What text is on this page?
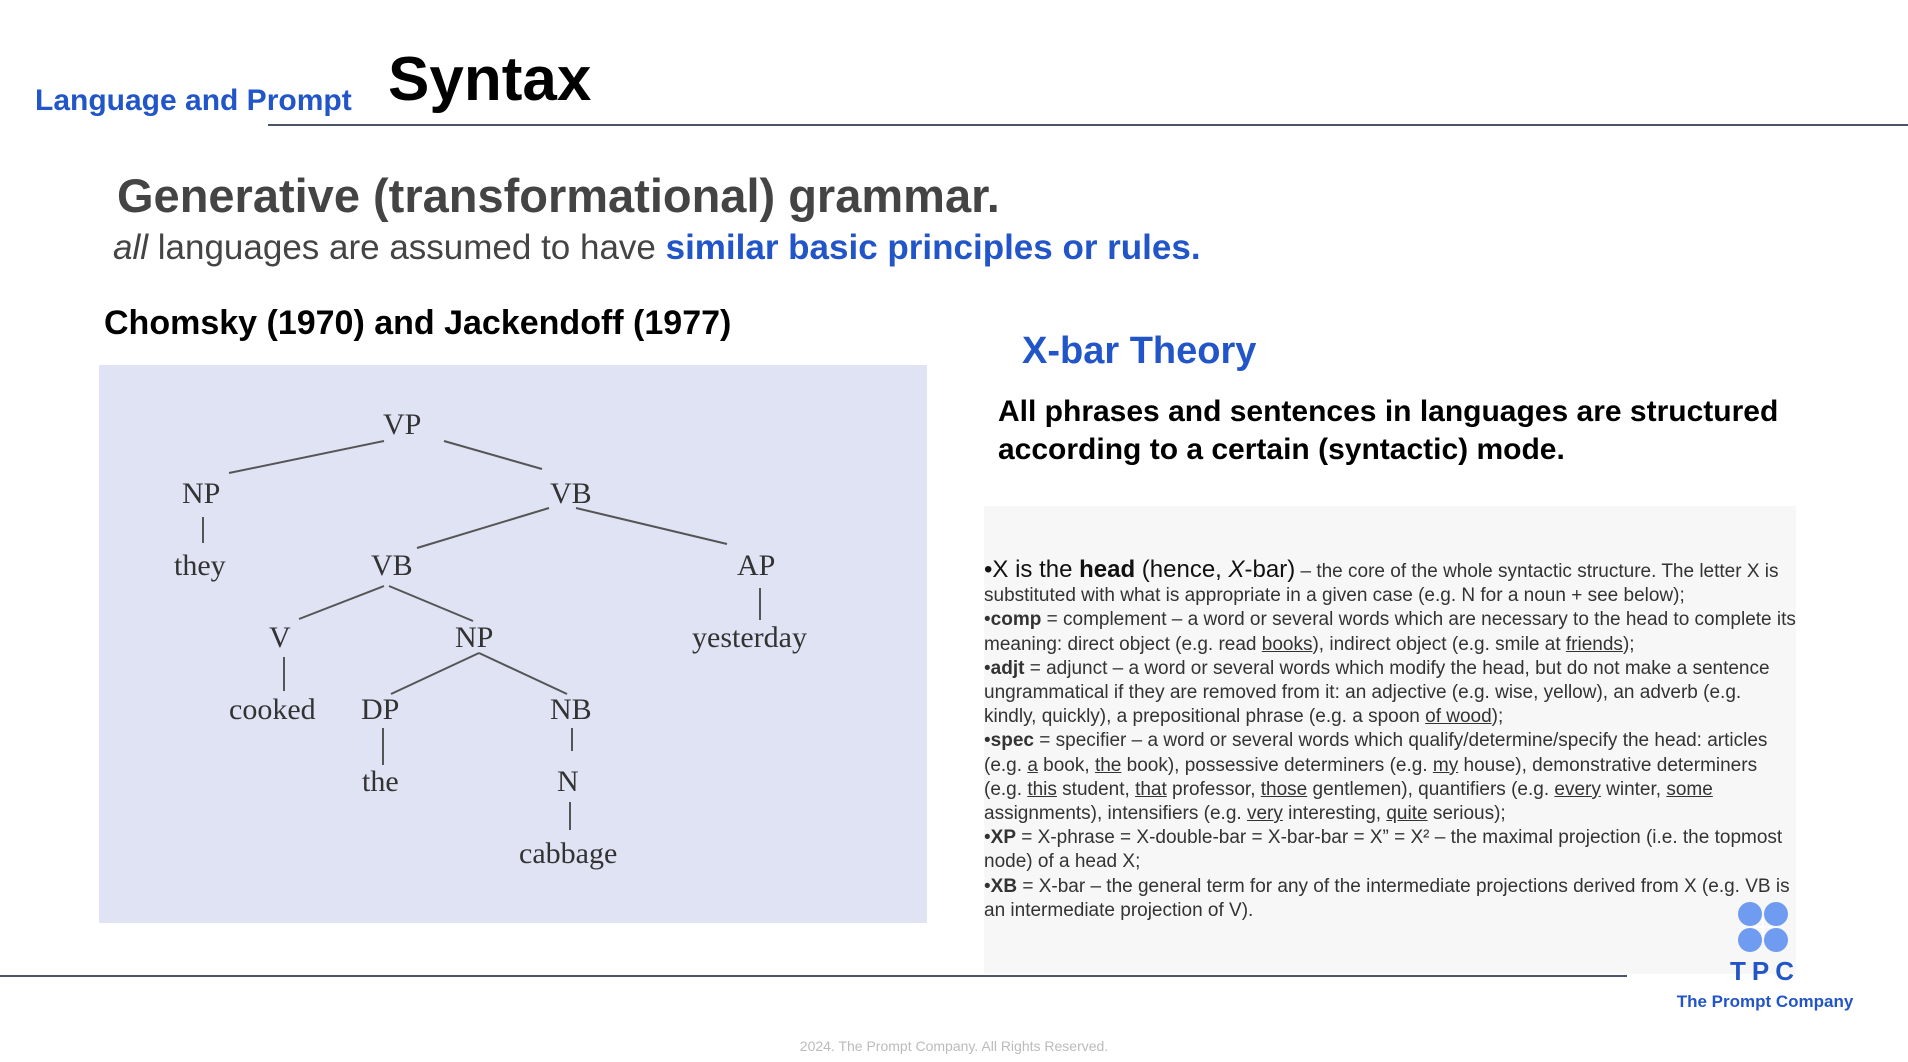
Language and Prompt Syntax
Generative (transformational) grammar.
all languages are assumed to have similar basic principles or rules.
Chomsky (1970) and Jackendoff (1977)
VP
NP	VB
they	VB	AP
V	NP	yesterday
cooked DP	NB
the	N
cabbage
X-bar Theory
All phrases and sentences in languages are structured according to a certain (syntactic) mode.
•X is the head (hence, X-bar) – the core of the whole syntactic structure. The letter X is substituted with what is appropriate in a given case (e.g. N for a noun + see below);
•comp = complement – a word or several words which are necessary to the head to complete its meaning: direct object (e.g. read books), indirect object (e.g. smile at friends);
•adjt = adjunct – a word or several words which modify the head, but do not make a sentence ungrammatical if they are removed from it: an adjective (e.g. wise, yellow), an adverb (e.g. kindly, quickly), a prepositional phrase (e.g. a spoon of wood);
•spec = specifier – a word or several words which qualify/determine/specify the head: articles (e.g. a book, the book), possessive determiners (e.g. my house), demonstrative determiners (e.g. this student, that professor, those gentlemen), quantifiers (e.g. every winter, some assignments), intensifiers (e.g. very interesting, quite serious);
•XP = X-phrase = X-double-bar = X-bar-bar = X” = X² – the maximal projection (i.e. the topmost node) of a head X;
•XB = X-bar – the general term for any of the intermediate projections derived from X (e.g. VB is an intermediate projection of V).
TPC
The Prompt Company
2024. The Prompt Company. All Rights Reserved.
